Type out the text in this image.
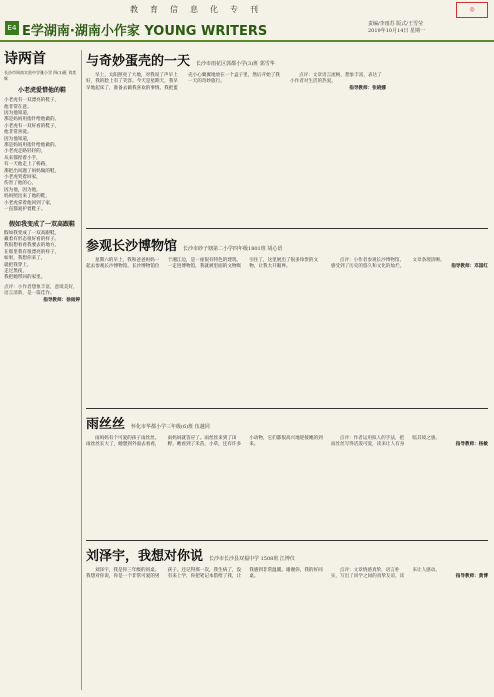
教育信息化专刊	◎
E4 E学湖南·湖南小作家 YOUNG WRITERS	责编/李雨苏 版式/王雪莹
2019年10月14日 星期一
诗两首
长沙市周南实验中学雅小学 四(1)班 刘奕辉
小老虎爱惜他的鞋
小老虎有一双漂亮的鞋子，
他非常在意。
因为他知道，
那是妈妈用指针给他做的。
小老虎有一双好看的鞋子，
他非常喜爱。
因为他知道，
那是妈妈用指针给他做的。
小老虎走路轻轻的，
从来都捏着小手，
有一天他走上了桥路，
那把出问题了妈妈做的鞋，
小老虎哭着回家，
伤害了他的心，
因为他，因为他，
妈妈照出来了他的鞋，
小老虎拿着他回到了家，
一直都爱护着鞋子。
假如我变成了一双高跟鞋
假如我变成了一双高跟鞋，
戴着有形态很好看的样子。
我很想看看我要去的地方，
在那里我有很漂亮的样子，
如果，我想你来了，
就把我穿上，
走过黑夜，
我把她带回的家里。
点评：小作者想象丰富，意境美好，语言清新，是一篇佳作。
指导教师：徐雨婷
与奇妙蛋壳的一天 长沙市雨花区郭都小学(3)班 郭雪华

早上，太阳照亮了大地，对我说了声早上好，我的脸上有了笑容。今天是星期天，我早早地起床了，准备去做我喜欢的事情。我把蛋壳小心翼翼地放在一个盒子里，然后开始了我一天的奇妙旅行。

点评：文章语言流畅，想象丰富，表达了小作者对生活的热爱。

指导教师：张晓娜
参观长沙博物馆 长沙市砂子塘第二小学四年级1801班 胡心语

星期六的早上，我和爸爸妈妈一起去参观长沙博物馆。长沙博物馆位于湘江边，是一座很有特色的建筑。一走进博物馆，我就被里面的文物吸引住了，这里展出了很多珍贵的文物，让我大开眼界。

点评：小作者参观长沙博物馆，感受到了历史的悠久和文化的灿烂，文章条理清晰。

指导教师：邓国红
雨丝丝 怀化市华都小学三年级(6)班 伍越同

雨妈妈有个可爱的孩子雨丝丝。雨丝丝长大了，她想到外面去看看，雨妈妈就答应了。雨丝丝来到了田野，她看到了禾苗，小草，还有许多小动物，它们都很高兴地迎接她的到来。

点评：作者运用拟人的手法，把雨丝丝写得活泼可爱，读来让人有身临其境之感。

指导教师：杨敏
刘泽宇，我想对你说 长沙市长沙县双福中学 1508班 江博仪

刘泽宇，我是你三年级的同桌。我想对你说，你是一个非常可爱的男孩子。还记得那一次，我生病了，没有来上学，你把笔记本借给了我，让我感到非常温暖。谢谢你，我的好同桌。

点评：文章情感真挚，语言朴实，写出了同学之间的真挚友谊，读来让人感动。

指导教师：黄博
